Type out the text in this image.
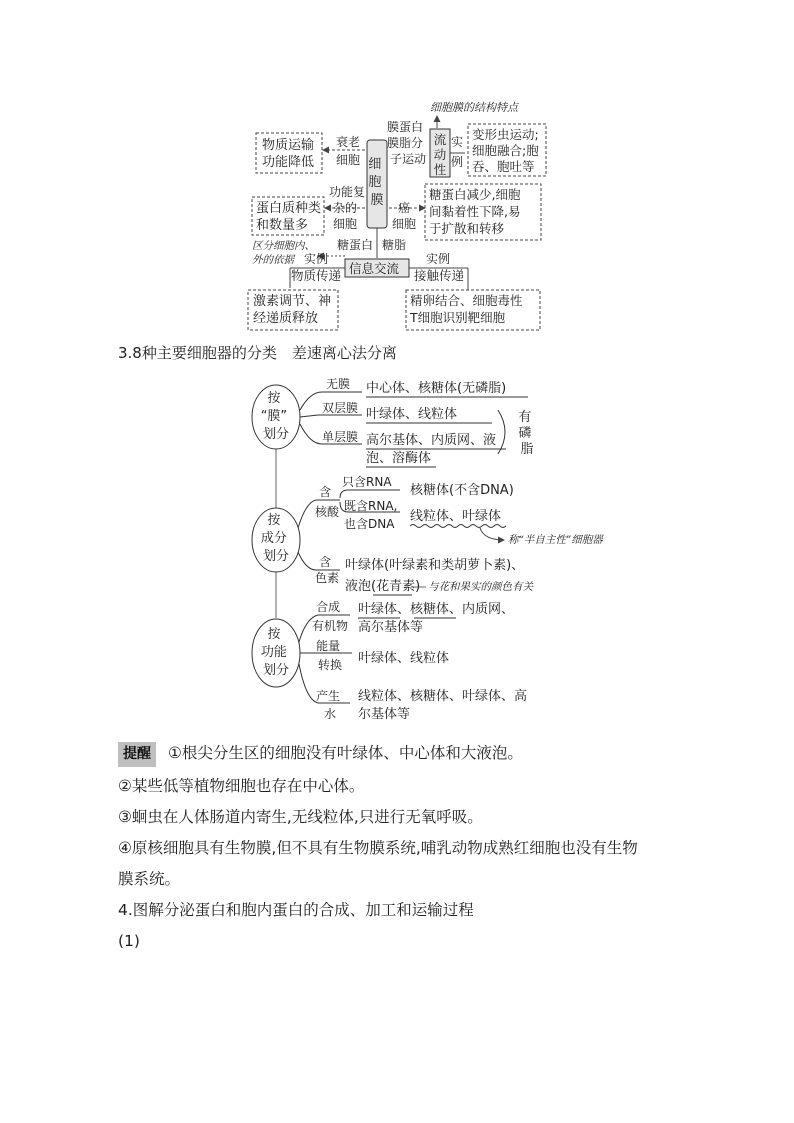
细 胞 膜
细胞膜的结构特点
膜蛋白 膜脂分 子运动
流动性
实例
变形虫运动; 细胞融合;胞 吞、胞吐等
物质运输 功能降低
衰老 细胞
蛋白质种类 和数量多
功能复 杂的 细胞
癌 细胞
糖蛋白减少,细胞 间黏着性下降,易 于扩散和转移
糖蛋白 糖脂
信息交流
区分细胞内、 外的依据 实例	实例
物质传递	接触传递
激素调节、神 经递质释放
精卵结合、细胞毒性 T细胞识别靶细胞
3.8种主要细胞器的分类　差速离心法分离
按 “膜” 划分
无膜
双层膜
单层膜
中心体、核糖体(无磷脂)
叶绿体、线粒体
高尔基体、内质网、液 泡、溶酶体
有 磷 脂
按 成分 划分
含 核酸
只含RNA
既含RNA, 也含DNA
核糖体(不含DNA)
线粒体、叶绿体
称“半自主性”细胞器
含 色素
叶绿体(叶绿素和类胡萝卜素)、 液泡(花青素) 与花和果实的颜色有关
按 功能 划分
合成 有机物
能量 转换
产生 水
叶绿体、核糖体、内质网、 高尔基体等
叶绿体、线粒体
线粒体、核糖体、叶绿体、高 尔基体等
提醒 ①根尖分生区的细胞没有叶绿体、中心体和大液泡。
②某些低等植物细胞也存在中心体。
③蛔虫在人体肠道内寄生,无线粒体,只进行无氧呼吸。
④原核细胞具有生物膜,但不具有生物膜系统,哺乳动物成熟红细胞也没有生物
膜系统。
4.图解分泌蛋白和胞内蛋白的合成、加工和运输过程
(1)
